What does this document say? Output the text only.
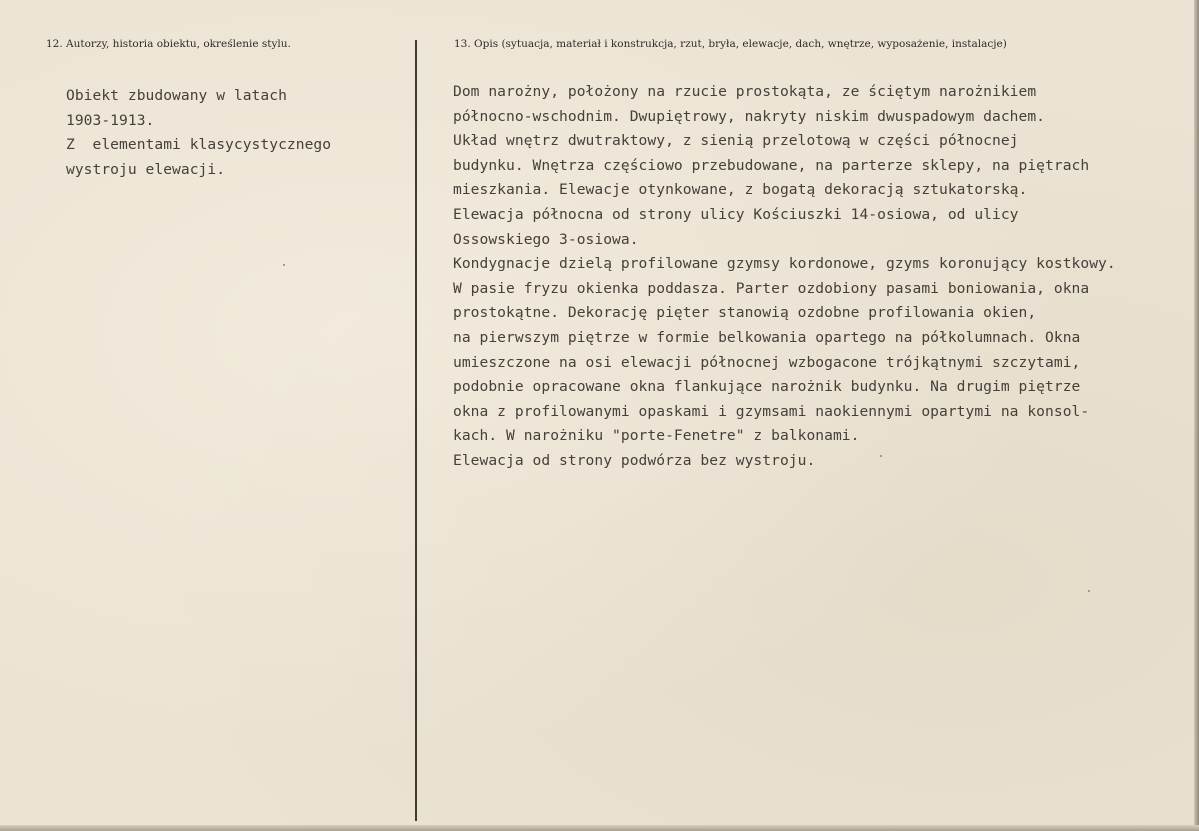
12. Autorzy, historia obiektu, określenie stylu.	13. Opis (sytuacja, materiał i konstrukcja, rzut, bryła, elewacje, dach, wnętrze, wyposażenie, instalacje)
Obiekt zbudowany w latach
1903-1913.
Z  elementami klasycystycznego
wystroju elewacji.
Dom narożny, położony na rzucie prostokąta, ze ściętym narożnikiem
północno-wschodnim. Dwupiętrowy, nakryty niskim dwuspadowym dachem.
Układ wnętrz dwutraktowy, z sienią przelotową w części północnej
budynku. Wnętrza częściowo przebudowane, na parterze sklepy, na piętrach
mieszkania. Elewacje otynkowane, z bogatą dekoracją sztukatorską.
Elewacja północna od strony ulicy Kościuszki 14-osiowa, od ulicy
Ossowskiego 3-osiowa.
Kondygnacje dzielą profilowane gzymsy kordonowe, gzyms koronujący kostkowy.
W pasie fryzu okienka poddasza. Parter ozdobiony pasami boniowania, okna
prostokątne. Dekorację pięter stanowią ozdobne profilowania okien,
na pierwszym piętrze w formie belkowania opartego na półkolumnach. Okna
umieszczone na osi elewacji północnej wzbogacone trójkątnymi szczytami,
podobnie opracowane okna flankujące narożnik budynku. Na drugim piętrze
okna z profilowanymi opaskami i gzymsami naokiennymi opartymi na konsol-
kach. W narożniku "porte-Fenetre" z balkonami.
Elewacja od strony podwórza bez wystroju.
